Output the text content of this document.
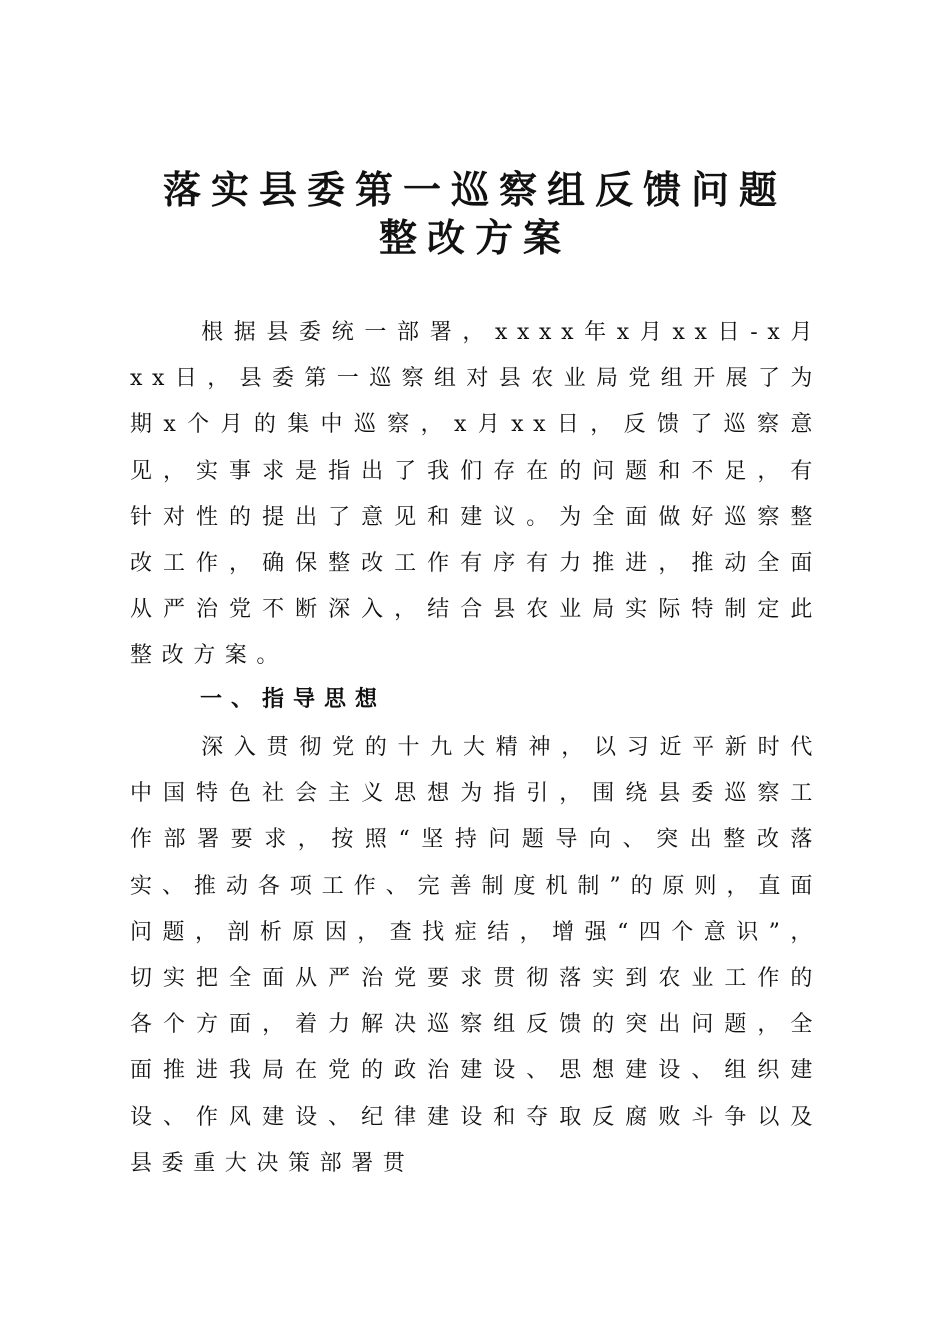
落实县委第一巡察组反馈问题
整改方案

根据县委统一部署，xxxx年x月xx日-x月xx日，县委第一巡察组对县农业局党组开展了为期x个月的集中巡察，x月xx日，反馈了巡察意见，实事求是指出了我们存在的问题和不足，有针对性的提出了意见和建议。为全面做好巡察整改工作，确保整改工作有序有力推进，推动全面从严治党不断深入，结合县农业局实际特制定此整改方案。

一、指导思想

深入贯彻党的十九大精神，以习近平新时代中国特色社会主义思想为指引，围绕县委巡察工作部署要求，按照“坚持问题导向、突出整改落实、推动各项工作、完善制度机制”的原则，直面问题，剖析原因，查找症结，增强“四个意识”，切实把全面从严治党要求贯彻落实到农业工作的各个方面，着力解决巡察组反馈的突出问题，全面推进我局在党的政治建设、思想建设、组织建设、作风建设、纪律建设和夺取反腐败斗争以及县委重大决策部署贯
